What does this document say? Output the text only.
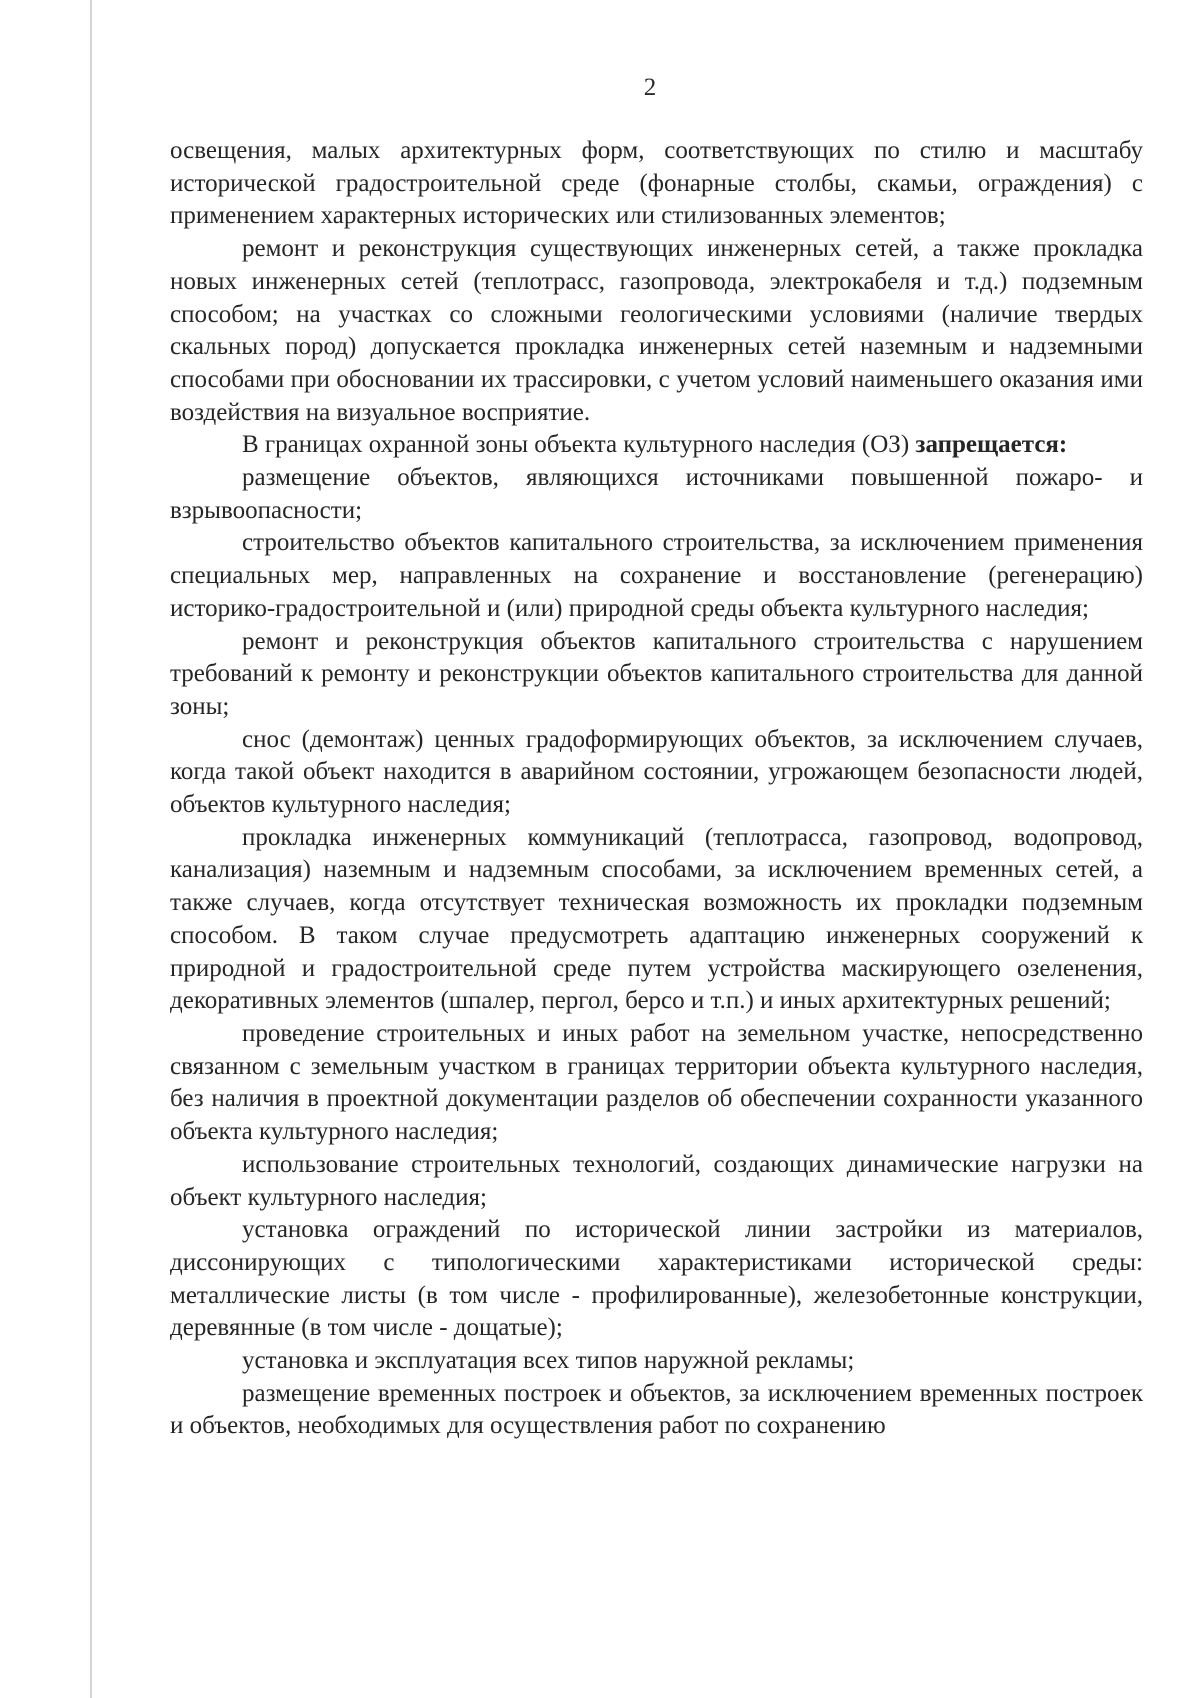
2

освещения, малых архитектурных форм, соответствующих по стилю и масштабу исторической градостроительной среде (фонарные столбы, скамьи, ограждения) с применением характерных исторических или стилизованных элементов;

ремонт и реконструкция существующих инженерных сетей, а также прокладка новых инженерных сетей (теплотрасс, газопровода, электрокабеля и т.д.) подземным способом; на участках со сложными геологическими условиями (наличие твердых скальных пород) допускается прокладка инженерных сетей наземным и надземными способами при обосновании их трассировки, с учетом условий наименьшего оказания ими воздействия на визуальное восприятие.

В границах охранной зоны объекта культурного наследия (ОЗ) запрещается:

размещение объектов, являющихся источниками повышенной пожаро- и взрывоопасности;

строительство объектов капитального строительства, за исключением применения специальных мер, направленных на сохранение и восстановление (регенерацию) историко-градостроительной и (или) природной среды объекта культурного наследия;

ремонт и реконструкция объектов капитального строительства с нарушением требований к ремонту и реконструкции объектов капитального строительства для данной зоны;

снос (демонтаж) ценных градоформирующих объектов, за исключением случаев, когда такой объект находится в аварийном состоянии, угрожающем безопасности людей, объектов культурного наследия;

прокладка инженерных коммуникаций (теплотрасса, газопровод, водопровод, канализация) наземным и надземным способами, за исключением временных сетей, а также случаев, когда отсутствует техническая возможность их прокладки подземным способом. В таком случае предусмотреть адаптацию инженерных сооружений к природной и градостроительной среде путем устройства маскирующего озеленения, декоративных элементов (шпалер, пергол, берсо и т.п.) и иных архитектурных решений;

проведение строительных и иных работ на земельном участке, непосредственно связанном с земельным участком в границах территории объекта культурного наследия, без наличия в проектной документации разделов об обеспечении сохранности указанного объекта культурного наследия;

использование строительных технологий, создающих динамические нагрузки на объект культурного наследия;

установка ограждений по исторической линии застройки из материалов, диссонирующих с типологическими характеристиками исторической среды: металлические листы (в том числе - профилированные), железобетонные конструкции, деревянные (в том числе - дощатые);

установка и эксплуатация всех типов наружной рекламы;

размещение временных построек и объектов, за исключением временных построек и объектов, необходимых для осуществления работ по сохранению
